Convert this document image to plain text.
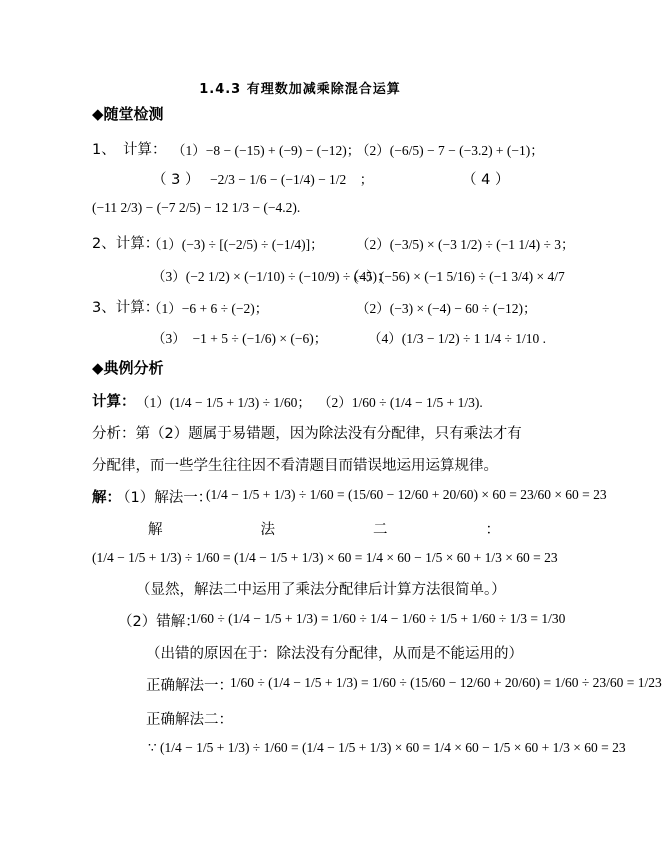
1.4.3 有理数加减乘除混合运算
◆随堂检测
1、　计算： （1）−8 − (−15) + (−9) − (−12)；
（2）(−6/5) − 7 − (−3.2) + (−1)；
（ 3 ） −2/3 − 1/6 − (−1/4) − 1/2　；	（ 4 ）
(−11 2/3) − (−7 2/5) − 12 1/3 − (−4.2).
2、计算：
（1）(−3) ÷ [(−2/5) ÷ (−1/4)]； （2）(−3/5) × (−3 1/2) ÷ (−1 1/4) ÷ 3；
（3）(−2 1/2) × (−1/10) ÷ (−10/9) ÷ (−5)；
（4）(−56) × (−1 5/16) ÷ (−1 3/4) × 4/7
3、计算：
（1）−6 + 6 ÷ (−2)；	（2）(−3) × (−4) − 60 ÷ (−12)；
（3）　−1 + 5 ÷ (−1/6) × (−6)；	（4）(1/3 − 1/2) ÷ 1 1/4 ÷ 1/10 .
◆典例分析
计算： （1）(1/4 − 1/5 + 1/3) ÷ 1/60； （2）1/60 ÷ (1/4 − 1/5 + 1/3).
分析：第（2）题属于易错题，因为除法没有分配律，只有乘法才有
分配律，而一些学生往往因不看清题目而错误地运用运算规律。
解：
（1）解法一：
(1/4 − 1/5 + 1/3) ÷ 1/60 = (15/60 − 12/60 + 20/60) × 60 = 23/60 × 60 = 23
解	法	二	：
(1/4 − 1/5 + 1/3) ÷ 1/60 = (1/4 − 1/5 + 1/3) × 60 = 1/4 × 60 − 1/5 × 60 + 1/3 × 60 = 23
（显然，解法二中运用了乘法分配律后计算方法很简单。）
（2）错解：
1/60 ÷ (1/4 − 1/5 + 1/3) = 1/60 ÷ 1/4 − 1/60 ÷ 1/5 + 1/60 ÷ 1/3 = 1/30
（出错的原因在于：除法没有分配律，从而是不能运用的）
正确解法一：
1/60 ÷ (1/4 − 1/5 + 1/3) = 1/60 ÷ (15/60 − 12/60 + 20/60) = 1/60 ÷ 23/60 = 1/23
正确解法二：
∵ (1/4 − 1/5 + 1/3) ÷ 1/60 = (1/4 − 1/5 + 1/3) × 60 = 1/4 × 60 − 1/5 × 60 + 1/3 × 60 = 23
